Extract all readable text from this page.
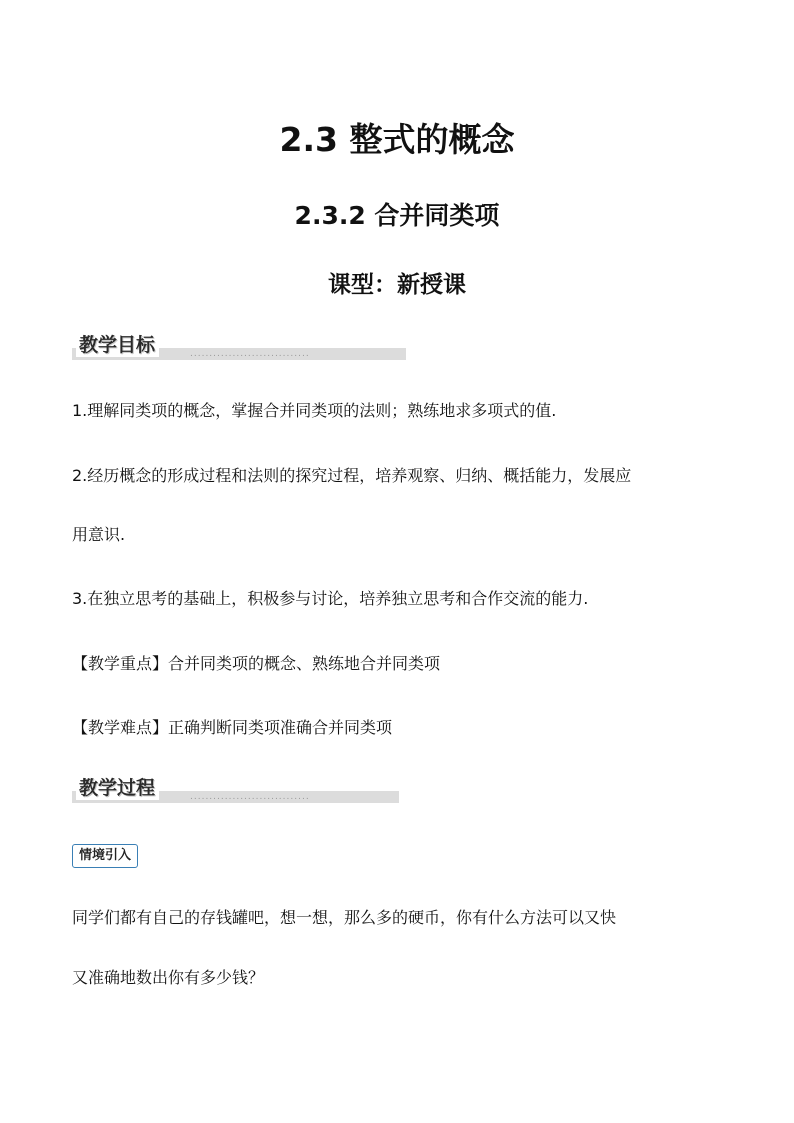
2.3 整式的概念
2.3.2 合并同类项
课型：新授课
...............................
教学目标

1.理解同类项的概念，掌握合并同类项的法则；熟练地求多项式的值.

2.经历概念的形成过程和法则的探究过程，培养观察、归纳、概括能力，发展应

用意识.

3.在独立思考的基础上，积极参与讨论，培养独立思考和合作交流的能力.

【教学重点】合并同类项的概念、熟练地合并同类项

【教学难点】正确判断同类项准确合并同类项

...............................
教学过程
情境引入

同学们都有自己的存钱罐吧，想一想，那么多的硬币，你有什么方法可以又快

又准确地数出你有多少钱？
